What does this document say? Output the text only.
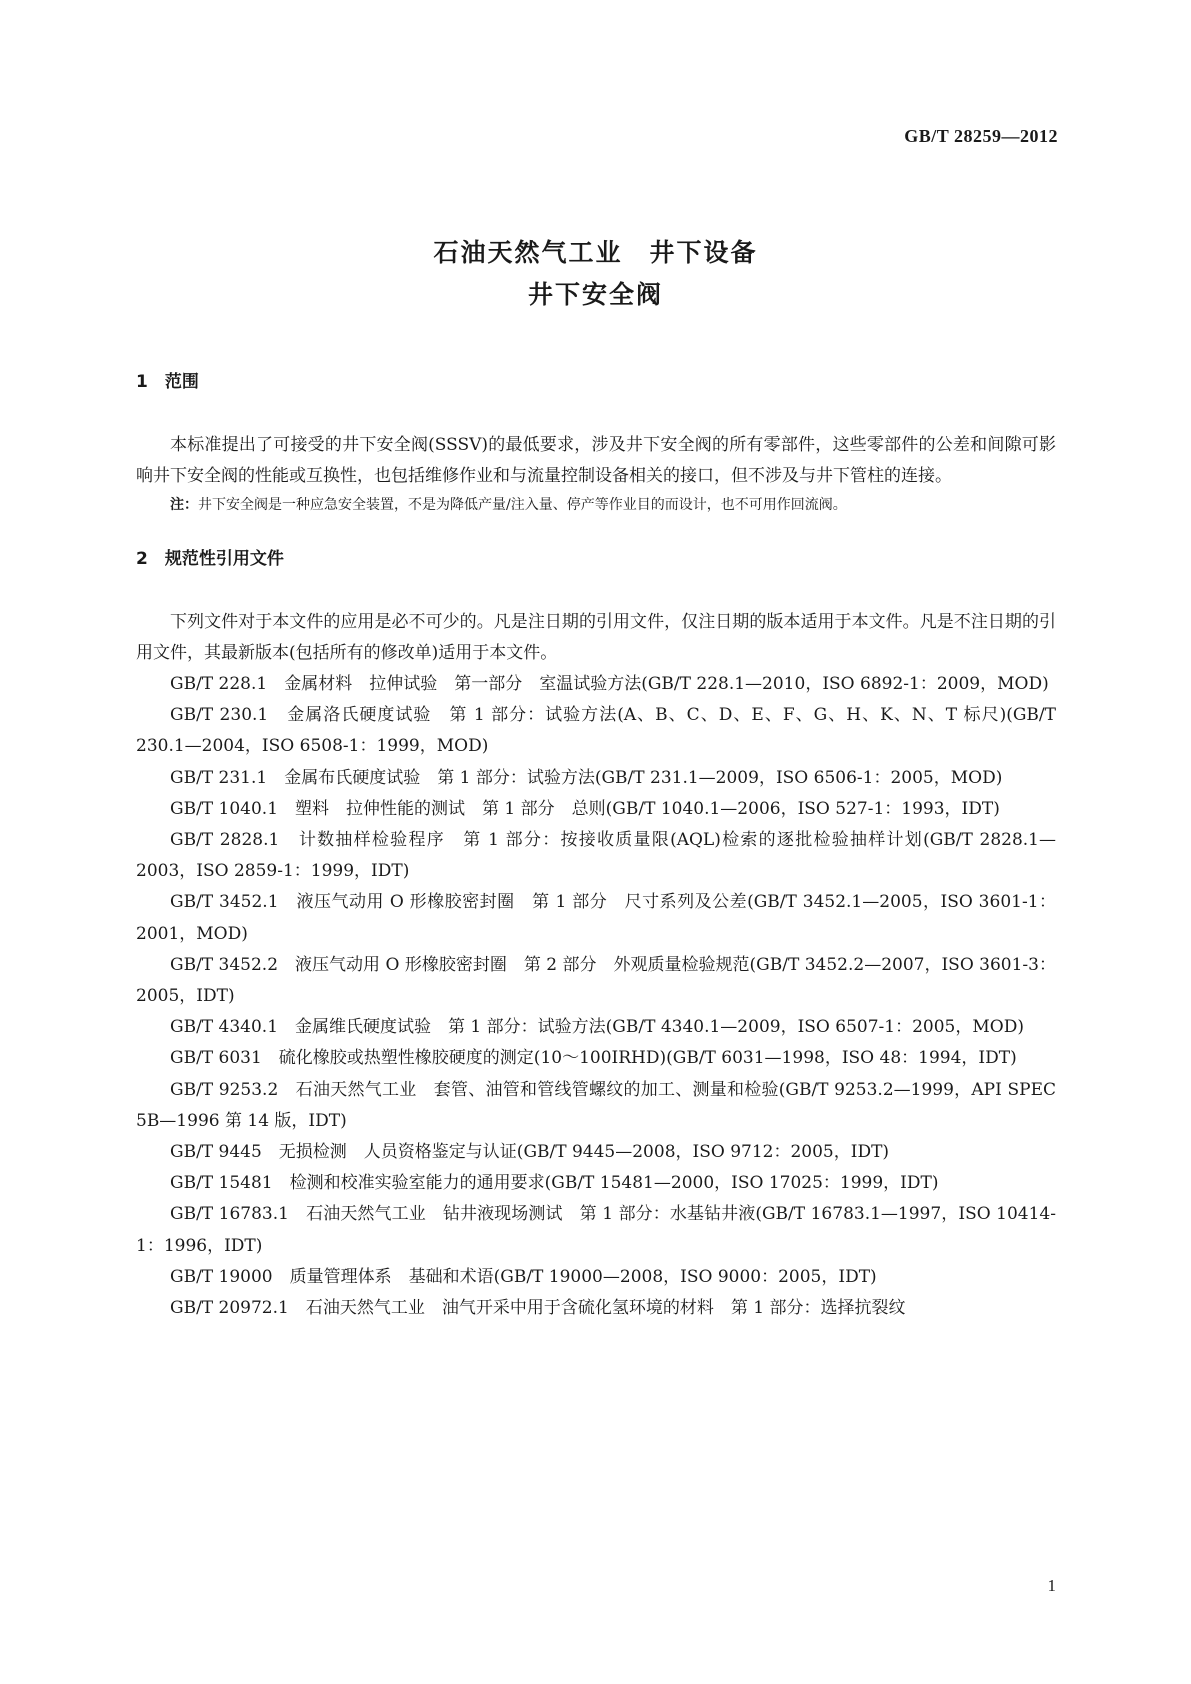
GB/T 28259—2012
石油天然气工业　井下设备
井下安全阀
1　范围

本标准提出了可接受的井下安全阀(SSSV)的最低要求，涉及井下安全阀的所有零部件，这些零部件的公差和间隙可影响井下安全阀的性能或互换性，也包括维修作业和与流量控制设备相关的接口，但不涉及与井下管柱的连接。

注：井下安全阀是一种应急安全装置，不是为降低产量/注入量、停产等作业目的而设计，也不可用作回流阀。
2　规范性引用文件

下列文件对于本文件的应用是必不可少的。凡是注日期的引用文件，仅注日期的版本适用于本文件。凡是不注日期的引用文件，其最新版本(包括所有的修改单)适用于本文件。

GB/T 228.1　金属材料　拉伸试验　第一部分　室温试验方法(GB/T 228.1—2010，ISO 6892-1：2009，MOD)

GB/T 230.1　金属洛氏硬度试验　第 1 部分：试验方法(A、B、C、D、E、F、G、H、K、N、T 标尺)(GB/T 230.1—2004，ISO 6508-1：1999，MOD)

GB/T 231.1　金属布氏硬度试验　第 1 部分：试验方法(GB/T 231.1—2009，ISO 6506-1：2005，MOD)

GB/T 1040.1　塑料　拉伸性能的测试　第 1 部分　总则(GB/T 1040.1—2006，ISO 527-1：1993，IDT)

GB/T 2828.1　计数抽样检验程序　第 1 部分：按接收质量限(AQL)检索的逐批检验抽样计划(GB/T 2828.1—2003，ISO 2859-1：1999，IDT)

GB/T 3452.1　液压气动用 O 形橡胶密封圈　第 1 部分　尺寸系列及公差(GB/T 3452.1—2005，ISO 3601-1：2001，MOD)

GB/T 3452.2　液压气动用 O 形橡胶密封圈　第 2 部分　外观质量检验规范(GB/T 3452.2—2007，ISO 3601-3：2005，IDT)

GB/T 4340.1　金属维氏硬度试验　第 1 部分：试验方法(GB/T 4340.1—2009，ISO 6507-1：2005，MOD)

GB/T 6031　硫化橡胶或热塑性橡胶硬度的测定(10～100IRHD)(GB/T 6031—1998，ISO 48：1994，IDT)

GB/T 9253.2　石油天然气工业　套管、油管和管线管螺纹的加工、测量和检验(GB/T 9253.2—1999，API SPEC 5B—1996 第 14 版，IDT)

GB/T 9445　无损检测　人员资格鉴定与认证(GB/T 9445—2008，ISO 9712：2005，IDT)

GB/T 15481　检测和校准实验室能力的通用要求(GB/T 15481—2000，ISO 17025：1999，IDT)

GB/T 16783.1　石油天然气工业　钻井液现场测试　第 1 部分：水基钻井液(GB/T 16783.1—1997，ISO 10414-1：1996，IDT)

GB/T 19000　质量管理体系　基础和术语(GB/T 19000—2008，ISO 9000：2005，IDT)

GB/T 20972.1　石油天然气工业　油气开采中用于含硫化氢环境的材料　第 1 部分：选择抗裂纹

1
